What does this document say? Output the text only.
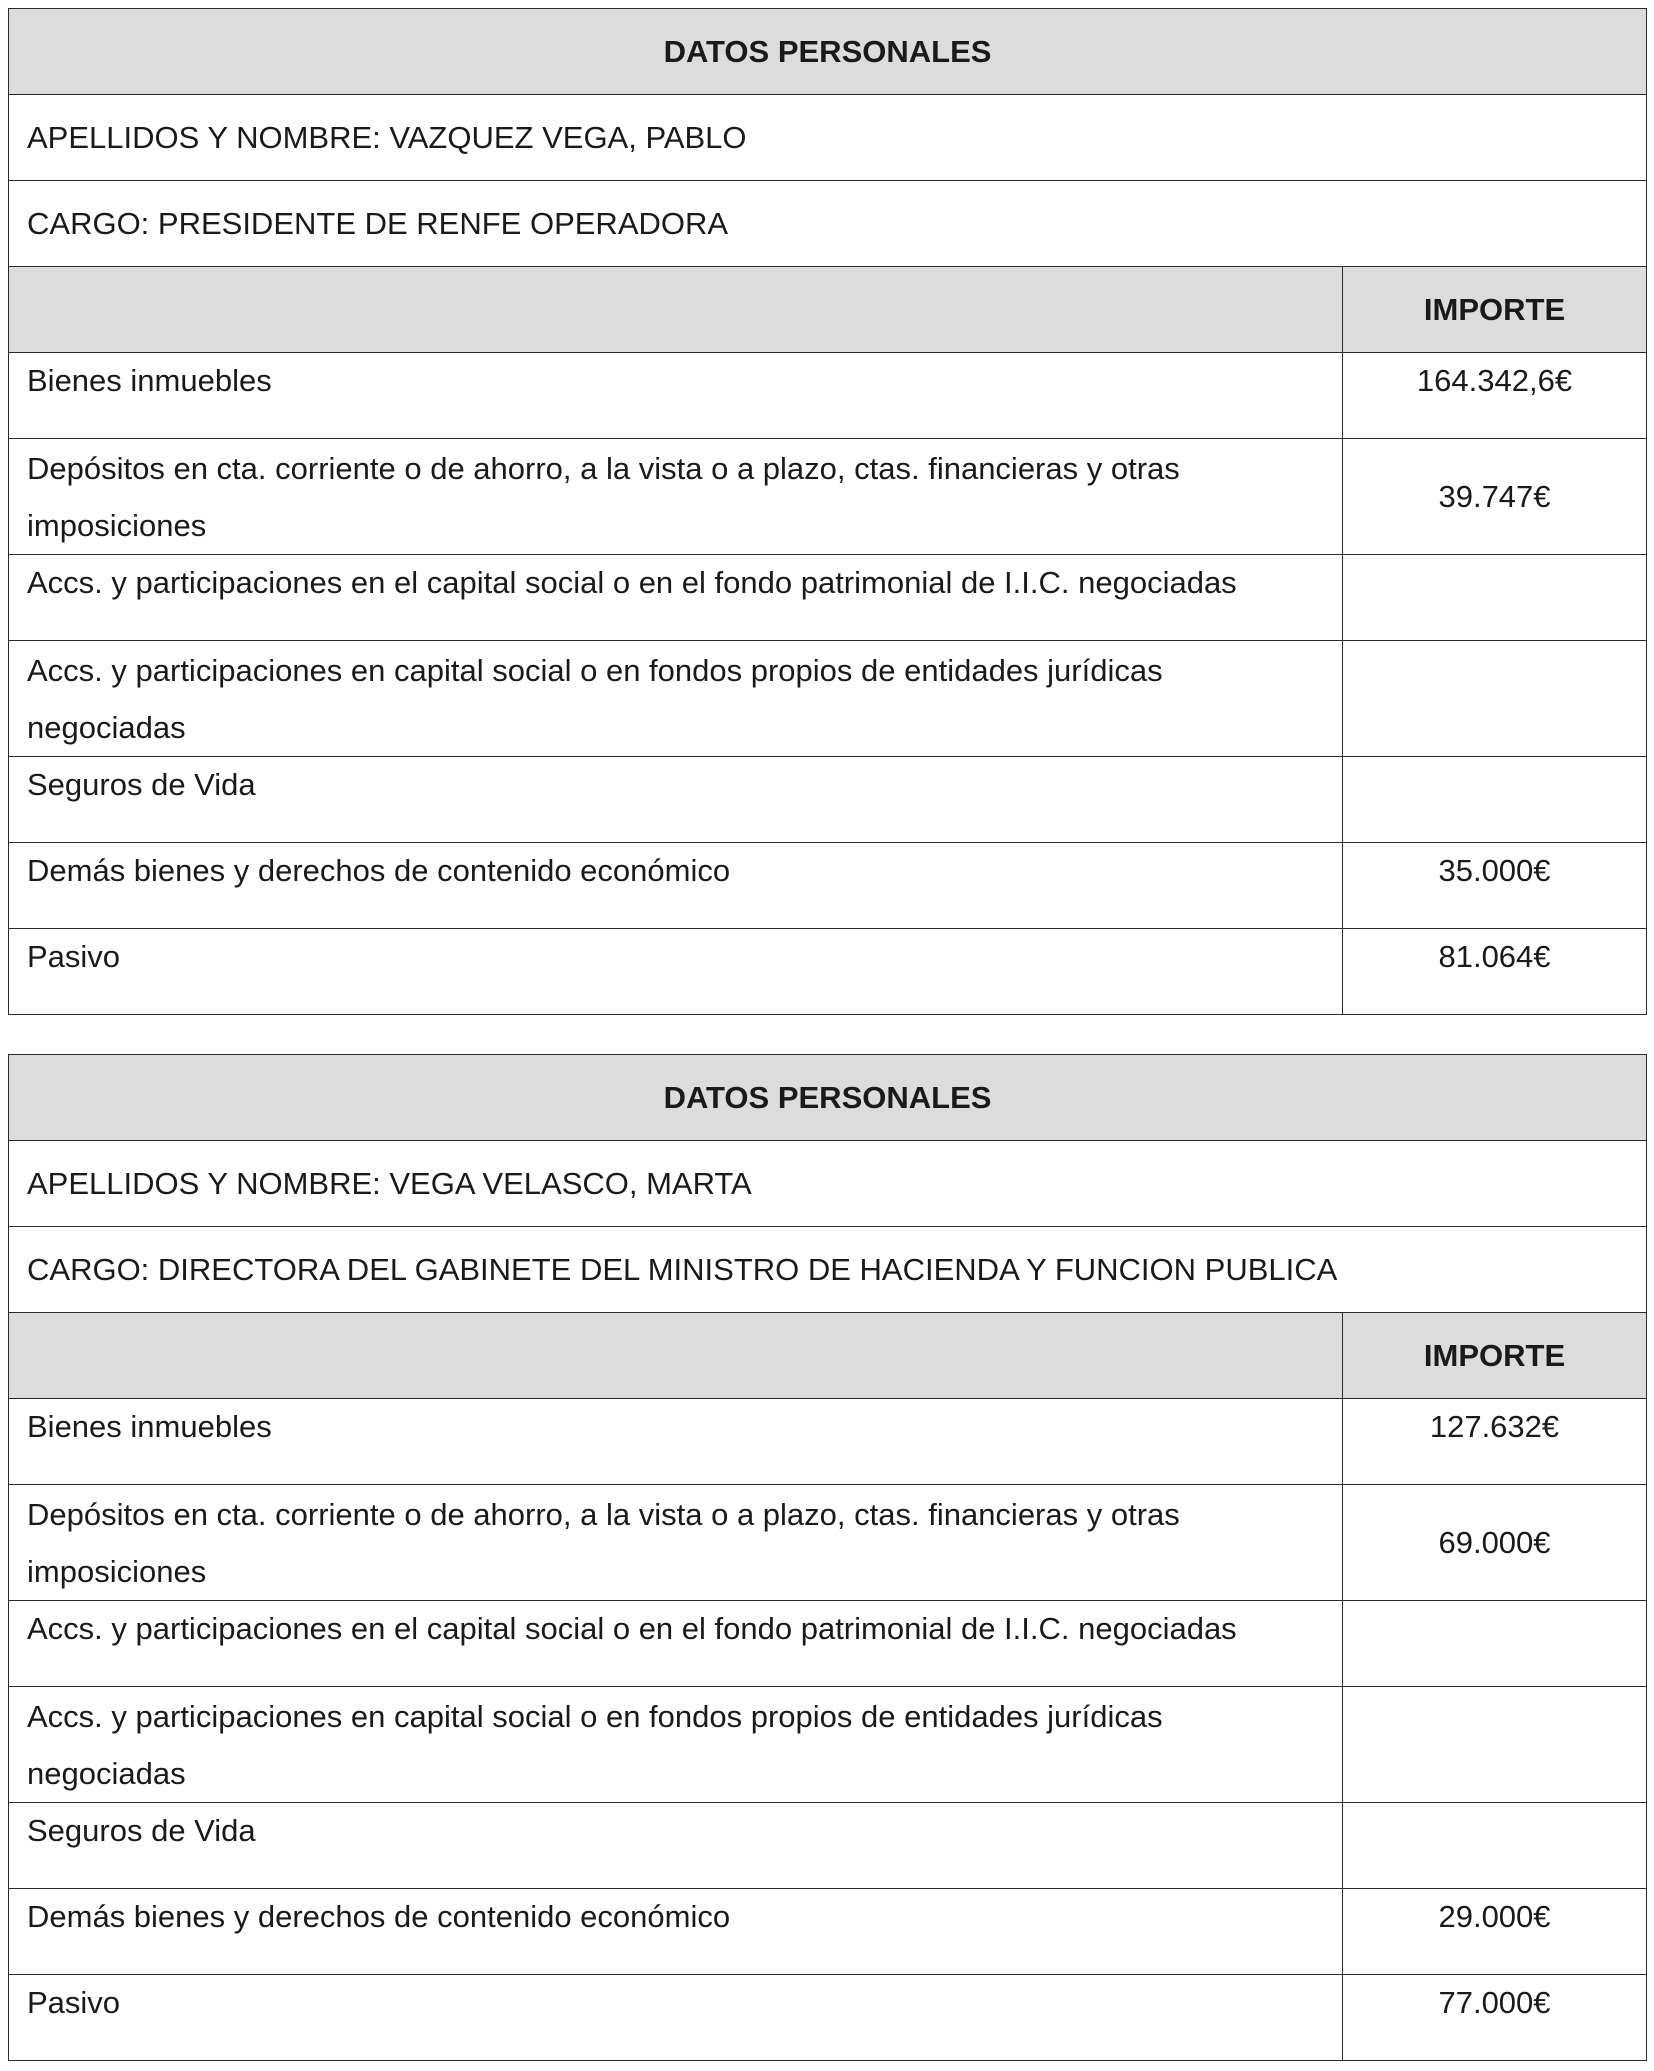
DATOS PERSONALES	
APELLIDOS Y NOMBRE: VAZQUEZ VEGA, PABLO	
CARGO: PRESIDENTE DE RENFE OPERADORA	
	IMPORTE
Bienes inmuebles	164.342,6€
Depósitos en cta. corriente o de ahorro, a la vista o a plazo, ctas. financieras y otras imposiciones	39.747€
Accs. y participaciones en el capital social o en el fondo patrimonial de I.I.C. negociadas	
Accs. y participaciones en capital social o en fondos propios de entidades jurídicas negociadas	
Seguros de Vida	
Demás bienes y derechos de contenido económico	35.000€
Pasivo	81.064€
DATOS PERSONALES	
APELLIDOS Y NOMBRE: VEGA VELASCO, MARTA	
CARGO: DIRECTORA DEL GABINETE DEL MINISTRO DE HACIENDA Y FUNCION PUBLICA	
	IMPORTE
Bienes inmuebles	127.632€
Depósitos en cta. corriente o de ahorro, a la vista o a plazo, ctas. financieras y otras imposiciones	69.000€
Accs. y participaciones en el capital social o en el fondo patrimonial de I.I.C. negociadas	
Accs. y participaciones en capital social o en fondos propios de entidades jurídicas negociadas	
Seguros de Vida	
Demás bienes y derechos de contenido económico	29.000€
Pasivo	77.000€
